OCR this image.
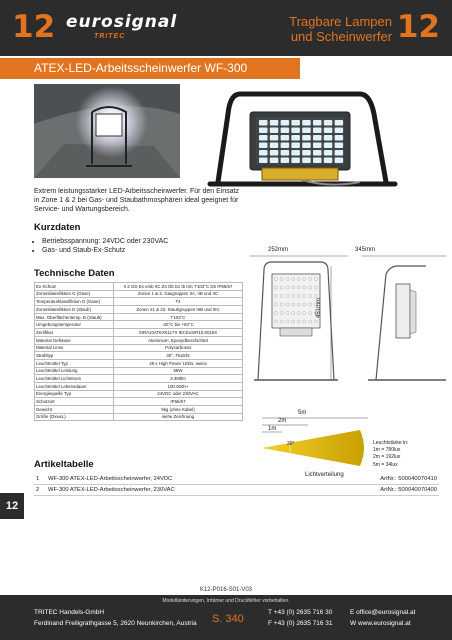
12 eurosignal
TRITEC
Tragbare Lampen
und Scheinwerfer 12
ATEX-LED-Arbeitsscheinwerfer WF-300
Extrem leistungsstarker LED-Arbeitsscheinwerfer. Für den Einsatz in Zone 1 & 2 bei Gas- und Staubathmosphären ideal geeignet für Service- und Wartungsbereich.
Kurzdaten
• Betriebsspannung: 24VDC oder 230VAC
• Gas- und Staub-Ex-Schutz
Technische Daten
Ex-Schutz	II 2 GD Ex emb IIC Z4 Gb Ex tb IIIC T103°C Db IP66/67
Zonenklassifiktion G (Gase)	Zonen 1 & 2, Gasgruppen IIA, IIB und IIC
Temperaturklassifiktion G (Gase)	T4
Zonenklassifiktion D (Staub)	Zonen 21 & 22, Staubgruppen IIIB und IIIC
Max. Oberflächentemp. D (Staub)	T103°C
Umgebungstemperatur	-20°C bis +50°C
Zertifikat	SIRA10ATEX5117X IECExSIR10.0016X
Material Gehäuse	Aluminium, Epoxydbeschichtet
Material Linse	Polycarbonat
Strahltyp	30°, Fluticht
Leuchtmittel Typ	48 x High Power LEDs, weiss
Leuchtmittel Leistung	58W
Leuchtmittel Lichtstrom	3.300lm
Leuchtmittel Lebensdauer	100.000h+
Energiequelle Typ	24VDC oder 230VAC
Schutzart	IP66/67
Gewicht	9kg (ohne Kabel)
Größe (DxwxL)	siehe Zeichnung
252mm	345mm
451mm
5m
2m
1m
30°	Leuchtstärke in:
1m = 780lux
2m = 192lux
5m = 34lux
Lichtverteilung
Artikeltabelle
1	WF-300 ATEX-LED-Arbeitsscheinwerfer, 24VDC	ArtNr.: 500040070410
2	WF-300 ATEX-LED-Arbeitsscheinwerfer, 230VAC	ArtNr.: 500040070400
12
K12-P016-S01-V03
Modelländerungen, Irrtümer und Druckfehler vorbehalten.
TRITEC Handels-GmbH
Ferdinand Freiligrathgasse 5, 2620 Neunkirchen, Austria S. 340
T +43 (0) 2635 716 30
F +43 (0) 2635 716 31
E office@eurosignal.at
W www.eurosignal.at
